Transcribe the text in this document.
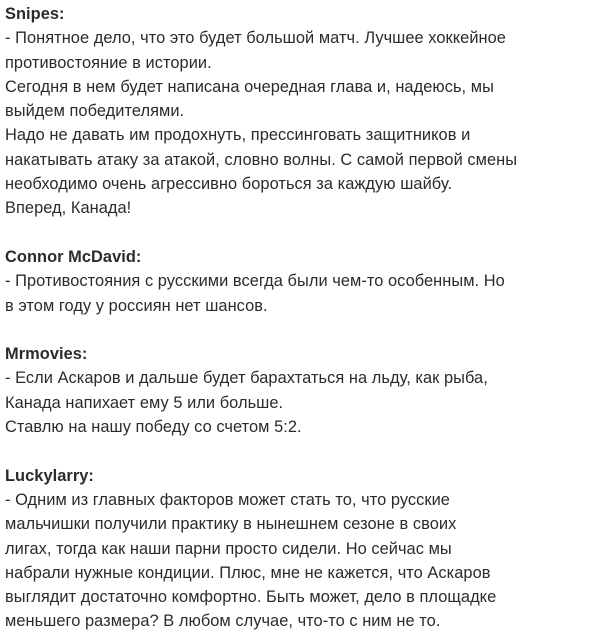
Snipes:
- Понятное дело, что это будет большой матч. Лучшее хоккейное
противостояние в истории.
Сегодня в нем будет написана очередная глава и, надеюсь, мы
выйдем победителями.
Надо не давать им продохнуть, прессинговать защитников и
накатывать атаку за атакой, словно волны. С самой первой смены
необходимо очень агрессивно бороться за каждую шайбу.
Вперед, Канада!
Connor McDavid:
- Противостояния с русскими всегда были чем-то особенным. Но
в этом году у россиян нет шансов.
Mrmovies:
- Если Аскаров и дальше будет барахтаться на льду, как рыба,
Канада напихает ему 5 или больше.
Ставлю на нашу победу со счетом 5:2.
Luckylarry:
- Одним из главных факторов может стать то, что русские
мальчишки получили практику в нынешнем сезоне в своих
лигах, тогда как наши парни просто сидели. Но сейчас мы
набрали нужные кондиции. Плюс, мне не кажется, что Аскаров
выглядит достаточно комфортно. Быть может, дело в площадке
меньшего размера? В любом случае, что-то с ним не то.
